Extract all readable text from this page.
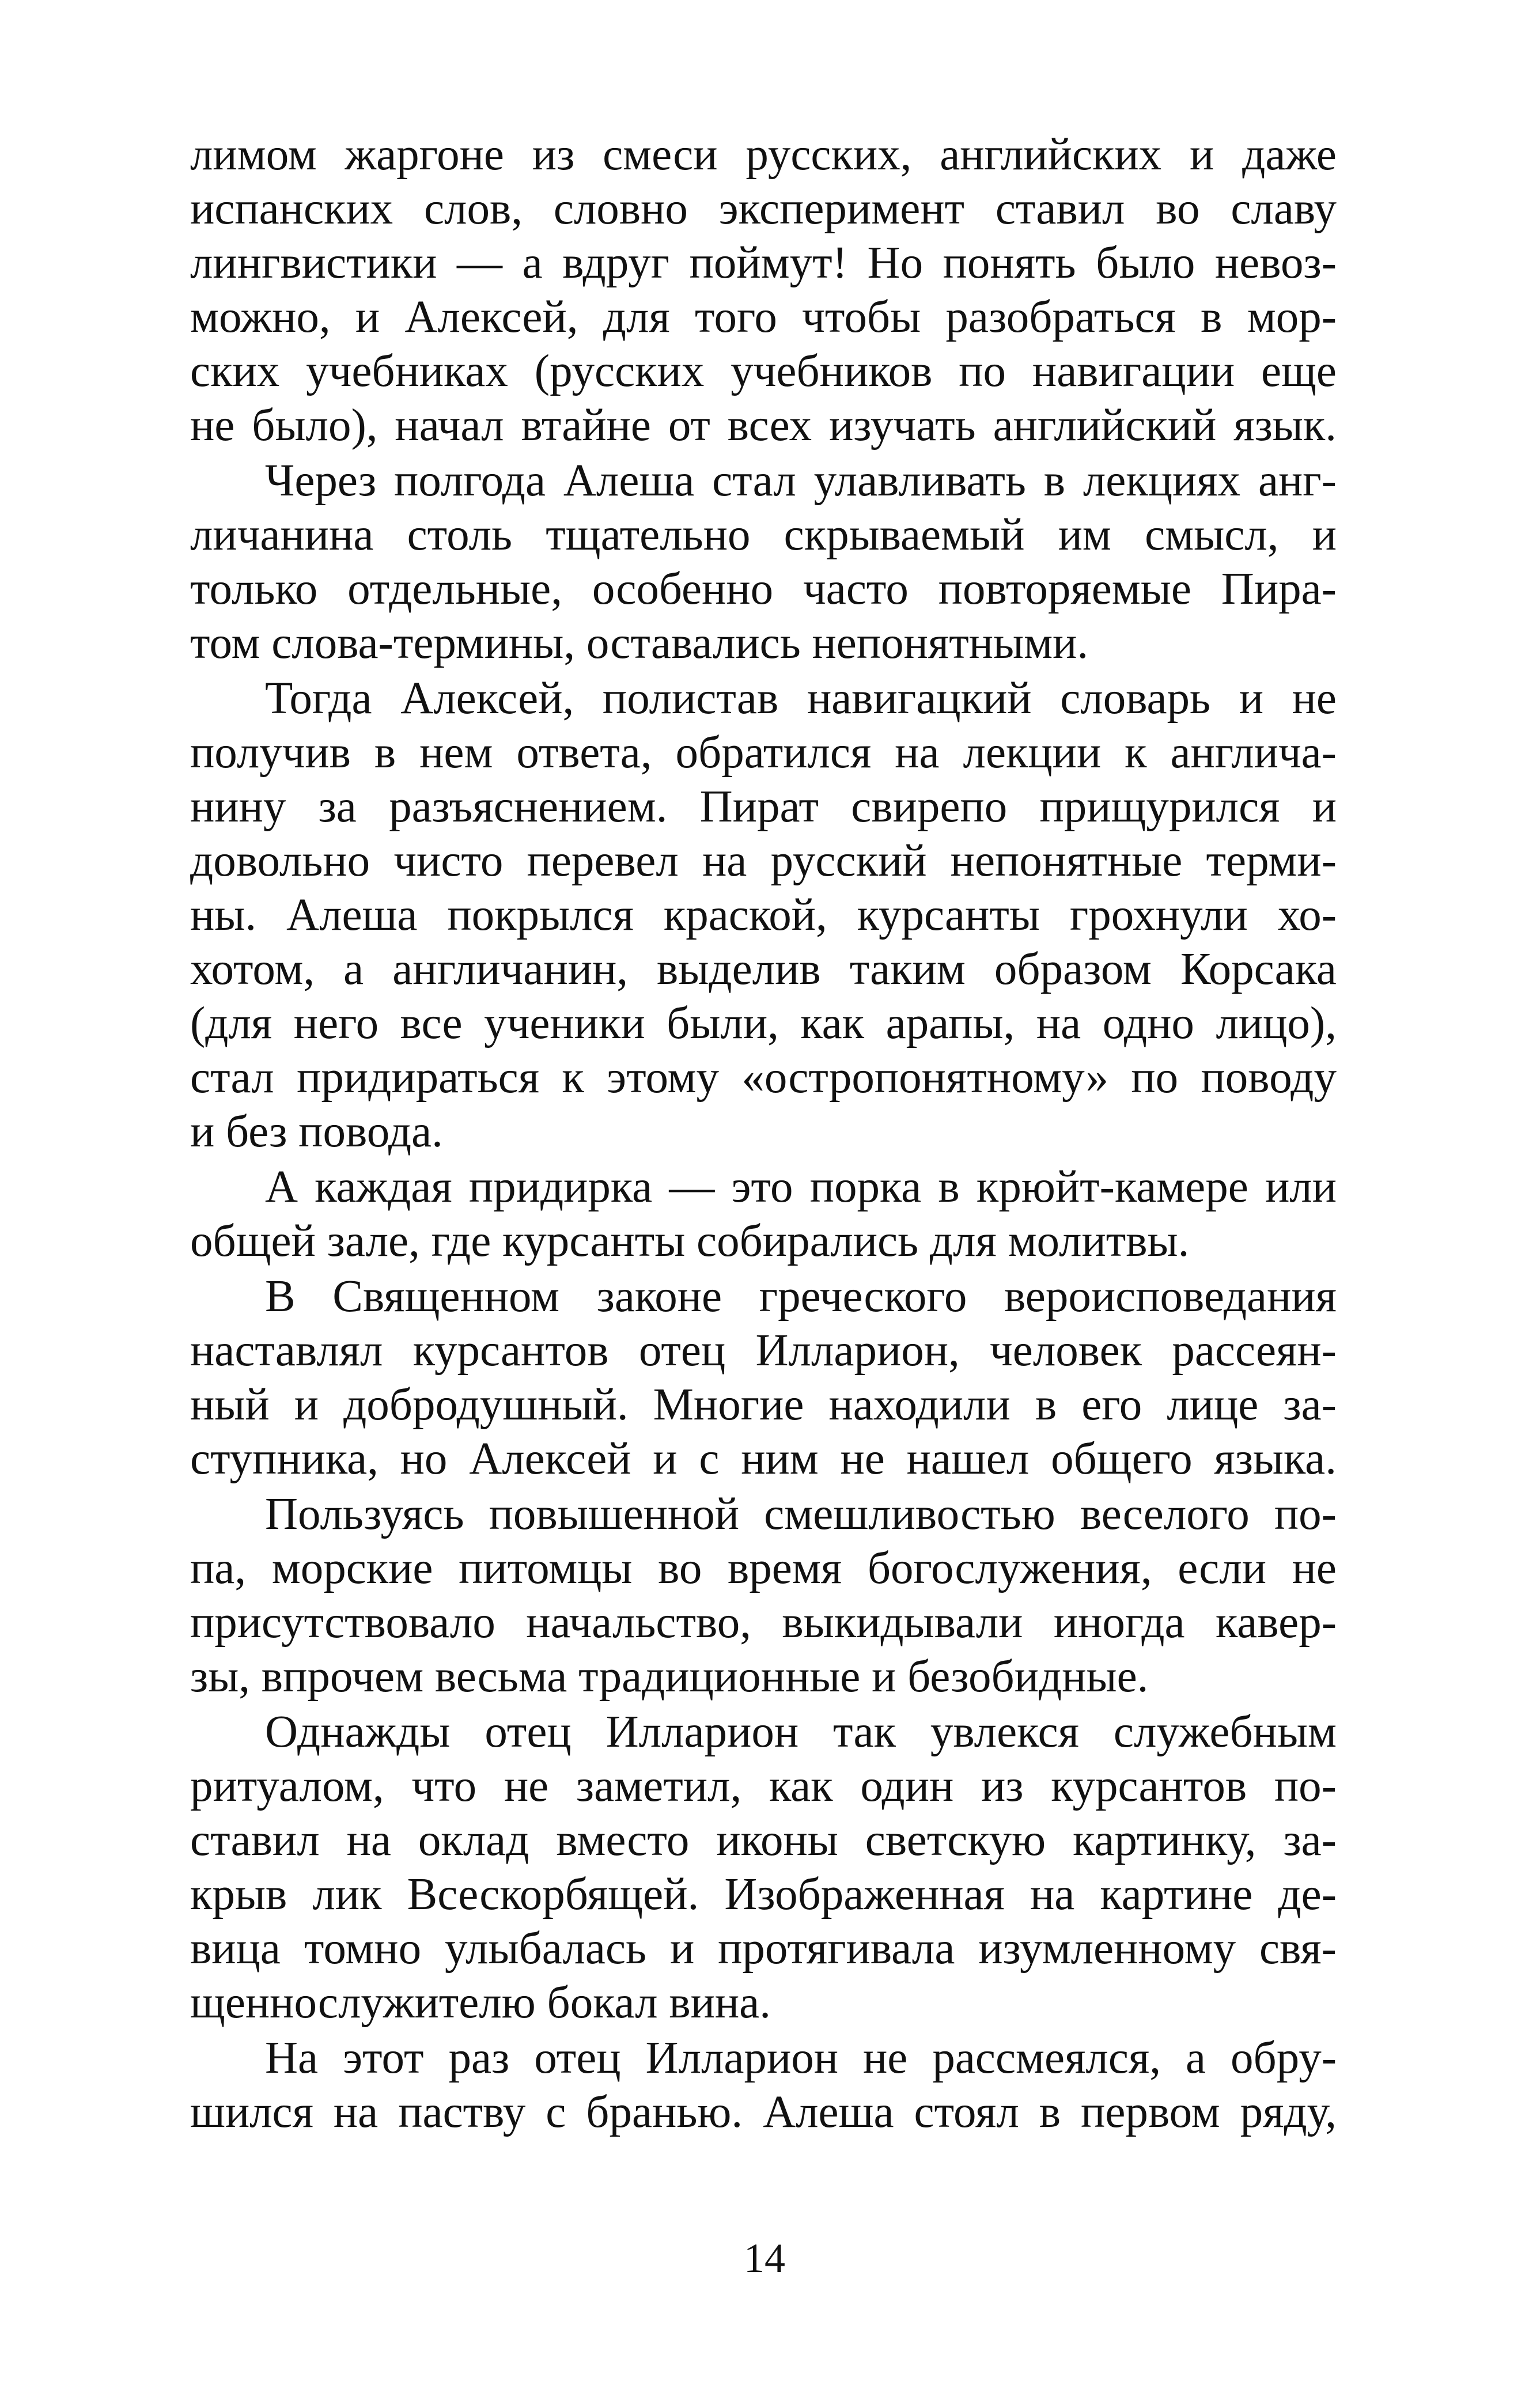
лимом жаргоне из смеси русских, английских и даже
испанских слов, словно эксперимент ставил во славу
лингвистики — а вдруг поймут! Но понять было невоз-
можно, и Алексей, для того чтобы разобраться в мор-
ских учебниках (русских учебников по навигации еще
не было), начал втайне от всех изучать английский язык.
Через полгода Алеша стал улавливать в лекциях анг-
личанина столь тщательно скрываемый им смысл, и
только отдельные, особенно часто повторяемые Пира-
том слова-термины, оставались непонятными.
Тогда Алексей, полистав навигацкий словарь и не
получив в нем ответа, обратился на лекции к англича-
нину за разъяснением. Пират свирепо прищурился и
довольно чисто перевел на русский непонятные терми-
ны. Алеша покрылся краской, курсанты грохнули хо-
хотом, а англичанин, выделив таким образом Корсака
(для него все ученики были, как арапы, на одно лицо),
стал придираться к этому «остропонятному» по поводу
и без повода.
А каждая придирка — это порка в крюйт-камере или
общей зале, где курсанты собирались для молитвы.
В Священном законе греческого вероисповедания
наставлял курсантов отец Илларион, человек рассеян-
ный и добродушный. Многие находили в его лице за-
ступника, но Алексей и с ним не нашел общего языка.
Пользуясь повышенной смешливостью веселого по-
па, морские питомцы во время богослужения, если не
присутствовало начальство, выкидывали иногда кавер-
зы, впрочем весьма традиционные и безобидные.
Однажды отец Илларион так увлекся служебным
ритуалом, что не заметил, как один из курсантов по-
ставил на оклад вместо иконы светскую картинку, за-
крыв лик Всескорбящей. Изображенная на картине де-
вица томно улыбалась и протягивала изумленному свя-
щеннослужителю бокал вина.
На этот раз отец Илларион не рассмеялся, а обру-
шился на паству с бранью. Алеша стоял в первом ряду,
14
